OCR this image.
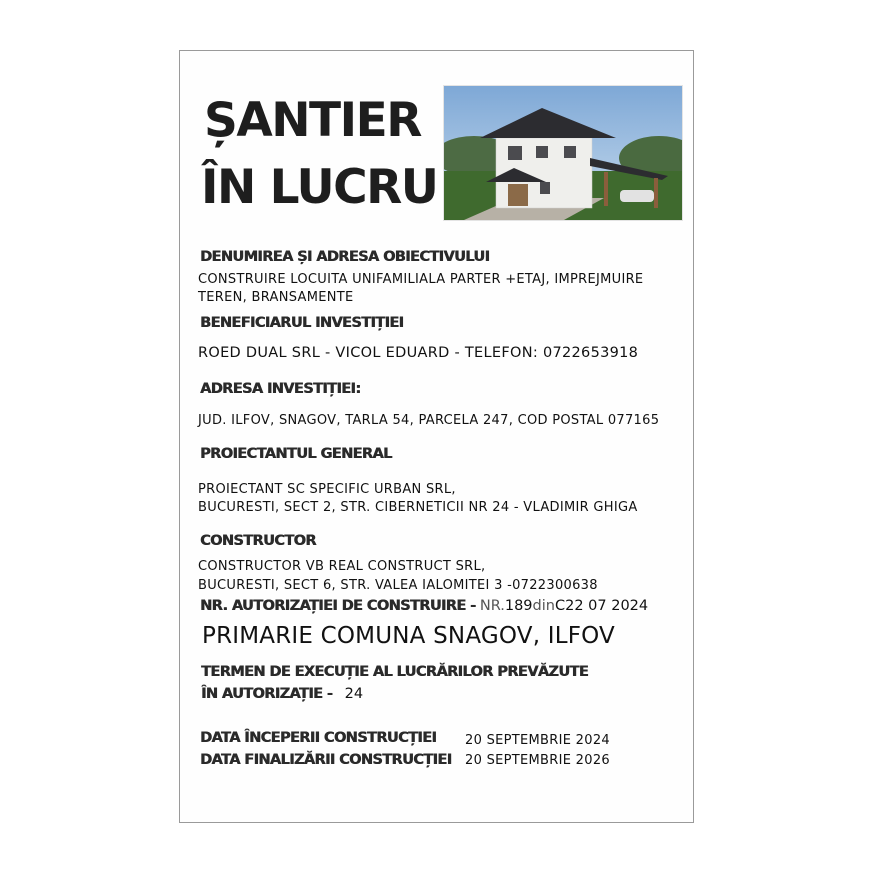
ȘANTIER
ÎN LUCRU
DENUMIREA ȘI ADRESA OBIECTIVULUI
CONSTRUIRE LOCUITA UNIFAMILIALA PARTER +ETAJ, IMPREJMUIRE
TEREN, BRANSAMENTE
BENEFICIARUL INVESTIȚIEI
ROED DUAL SRL - VICOL EDUARD - TELEFON: 0722653918
ADRESA INVESTIȚIEI:
JUD. ILFOV, SNAGOV, TARLA 54, PARCELA 247, COD POSTAL 077165
PROIECTANTUL GENERAL
PROIECTANT SC SPECIFIC URBAN SRL,
BUCURESTI, SECT 2, STR. CIBERNETICII NR 24 - VLADIMIR GHIGA
CONSTRUCTOR
CONSTRUCTOR VB REAL CONSTRUCT SRL,
BUCURESTI, SECT 6, STR. VALEA IALOMITEI 3 -0722300638
NR. AUTORIZAȚIEI DE CONSTRUIRE - NR.189dinC22 07 2024
PRIMARIE COMUNA SNAGOV, ILFOV
TERMEN DE EXECUȚIE AL LUCRĂRILOR PREVĂZUTE
ÎN AUTORIZAȚIE - 24
DATA ÎNCEPERII CONSTRUCȚIEI 20 SEPTEMBRIE 2024
DATA FINALIZĂRII CONSTRUCȚIEI 20 SEPTEMBRIE 2026
